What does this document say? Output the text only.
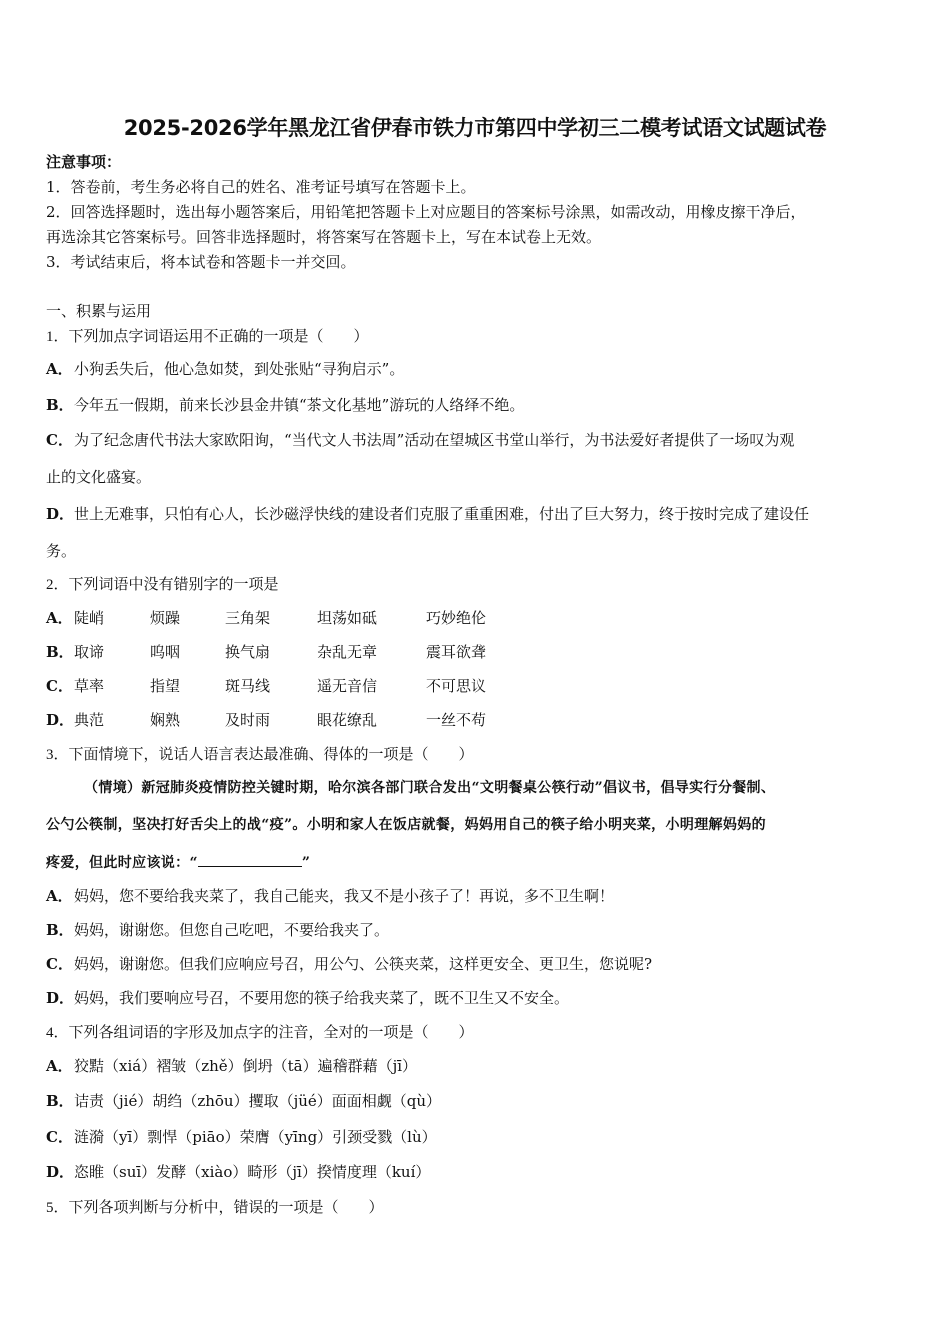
2025-2026学年黑龙江省伊春市铁力市第四中学初三二模考试语文试题试卷
注意事项：
1．答卷前，考生务必将自己的姓名、准考证号填写在答题卡上。
2．回答选择题时，选出每小题答案后，用铅笔把答题卡上对应题目的答案标号涂黑，如需改动，用橡皮擦干净后，
再选涂其它答案标号。回答非选择题时，将答案写在答题卡上，写在本试卷上无效。
3．考试结束后，将本试卷和答题卡一并交回。
一、积累与运用
1．下列加点字词语运用不正确的一项是（　　）
A．小狗丢失后，他心急如焚，到处张贴“寻狗启示”。
B．今年五一假期，前来长沙县金井镇“茶文化基地”游玩的人络绎不绝。
C．为了纪念唐代书法大家欧阳询，“当代文人书法周”活动在望城区书堂山举行，为书法爱好者提供了一场叹为观
止的文化盛宴。
D．世上无难事，只怕有心人，长沙磁浮快线的建设者们克服了重重困难，付出了巨大努力，终于按时完成了建设任
务。
2．下列词语中没有错别字的一项是
A． 陡峭	烦躁	三角架	坦荡如砥	巧妙绝伦
B． 取谛	呜咽	换气扇	杂乱无章	震耳欲聋
C． 草率	指望	斑马线	遥无音信	不可思议
D． 典范	娴熟	及时雨	眼花缭乱	一丝不苟
3．下面情境下，说话人语言表达最准确、得体的一项是（　　）
（情境）新冠肺炎疫情防控关键时期，哈尔滨各部门联合发出“文明餐桌公筷行动”倡议书，倡导实行分餐制、
公勺公筷制，坚决打好舌尖上的战“疫”。小明和家人在饭店就餐，妈妈用自己的筷子给小明夹菜，小明理解妈妈的
疼爱，但此时应该说：“	”
A．妈妈，您不要给我夹菜了，我自己能夹，我又不是小孩子了！再说，多不卫生啊！
B．妈妈，谢谢您。但您自己吃吧，不要给我夹了。
C．妈妈，谢谢您。但我们应响应号召，用公勺、公筷夹菜，这样更安全、更卫生，您说呢?
D．妈妈，我们要响应号召，不要用您的筷子给我夹菜了，既不卫生又不安全。
4．下列各组词语的字形及加点字的注音，全对的一项是（　　）
A．狡黠（xiá）褶皱（zhě）倒坍（tā）遍稽群藉（jī）
B．诘责（jié）胡绉（zhōu）攫取（jüé）面面相觑（qù）
C．涟漪（yī）剽悍（piāo）荣膺（yīng）引颈受戮（lù）
D．恣睢（suī）发酵（xiào）畸形（jī）揆情度理（kuí）
5．下列各项判断与分析中，错误的一项是（　　）
